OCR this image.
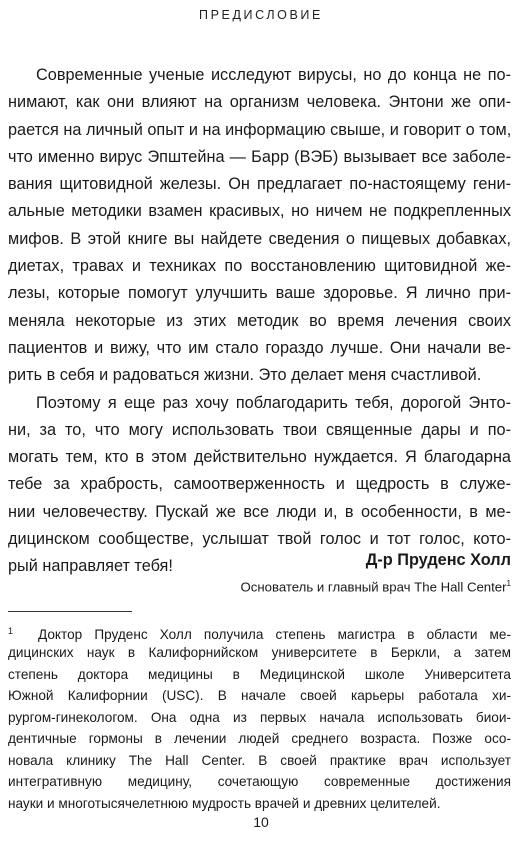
ПРЕДИСЛОВИЕ
Современные ученые исследуют вирусы, но до конца не по-
нимают, как они влияют на организм человека. Энтони же опи-
рается на личный опыт и на информацию свыше, и говорит о том,
что именно вирус Эпштейна — Барр (ВЭБ) вызывает все заболе-
вания щитовидной железы. Он предлагает по-настоящему гени-
альные методики взамен красивых, но ничем не подкрепленных
мифов. В этой книге вы найдете сведения о пищевых добавках,
диетах, травах и техниках по восстановлению щитовидной же-
лезы, которые помогут улучшить ваше здоровье. Я лично при-
меняла некоторые из этих методик во время лечения своих
пациентов и вижу, что им стало гораздо лучше. Они начали ве-
рить в себя и радоваться жизни. Это делает меня счастливой.
Поэтому я еще раз хочу поблагодарить тебя, дорогой Энто-
ни, за то, что могу использовать твои священные дары и по-
могать тем, кто в этом действительно нуждается. Я благодарна
тебе за храбрость, самоотверженность и щедрость в служе-
нии человечеству. Пускай же все люди и, в особенности, в ме-
дицинском сообществе, услышат твой голос и тот голос, кото-
рый направляет тебя!	Д-р Пруденс Холл
Основатель и главный врач The Hall Center$^1$
1 Доктор Пруденс Холл получила степень магистра в области ме-
дицинских наук в Калифорнийском университете в Беркли, а затем
степень доктора медицины в Медицинской школе Университета
Южной Калифорнии (USC). В начале своей карьеры работала хи-
рургом-гинекологом. Она одна из первых начала использовать биои-
дентичные гормоны в лечении людей среднего возраста. Позже осо-
новала клинику The Hall Center. В своей практике врач использует
интегративную медицину, сочетающую современные достижения
науки и многотысячелетнюю мудрость врачей и древних целителей.
10
